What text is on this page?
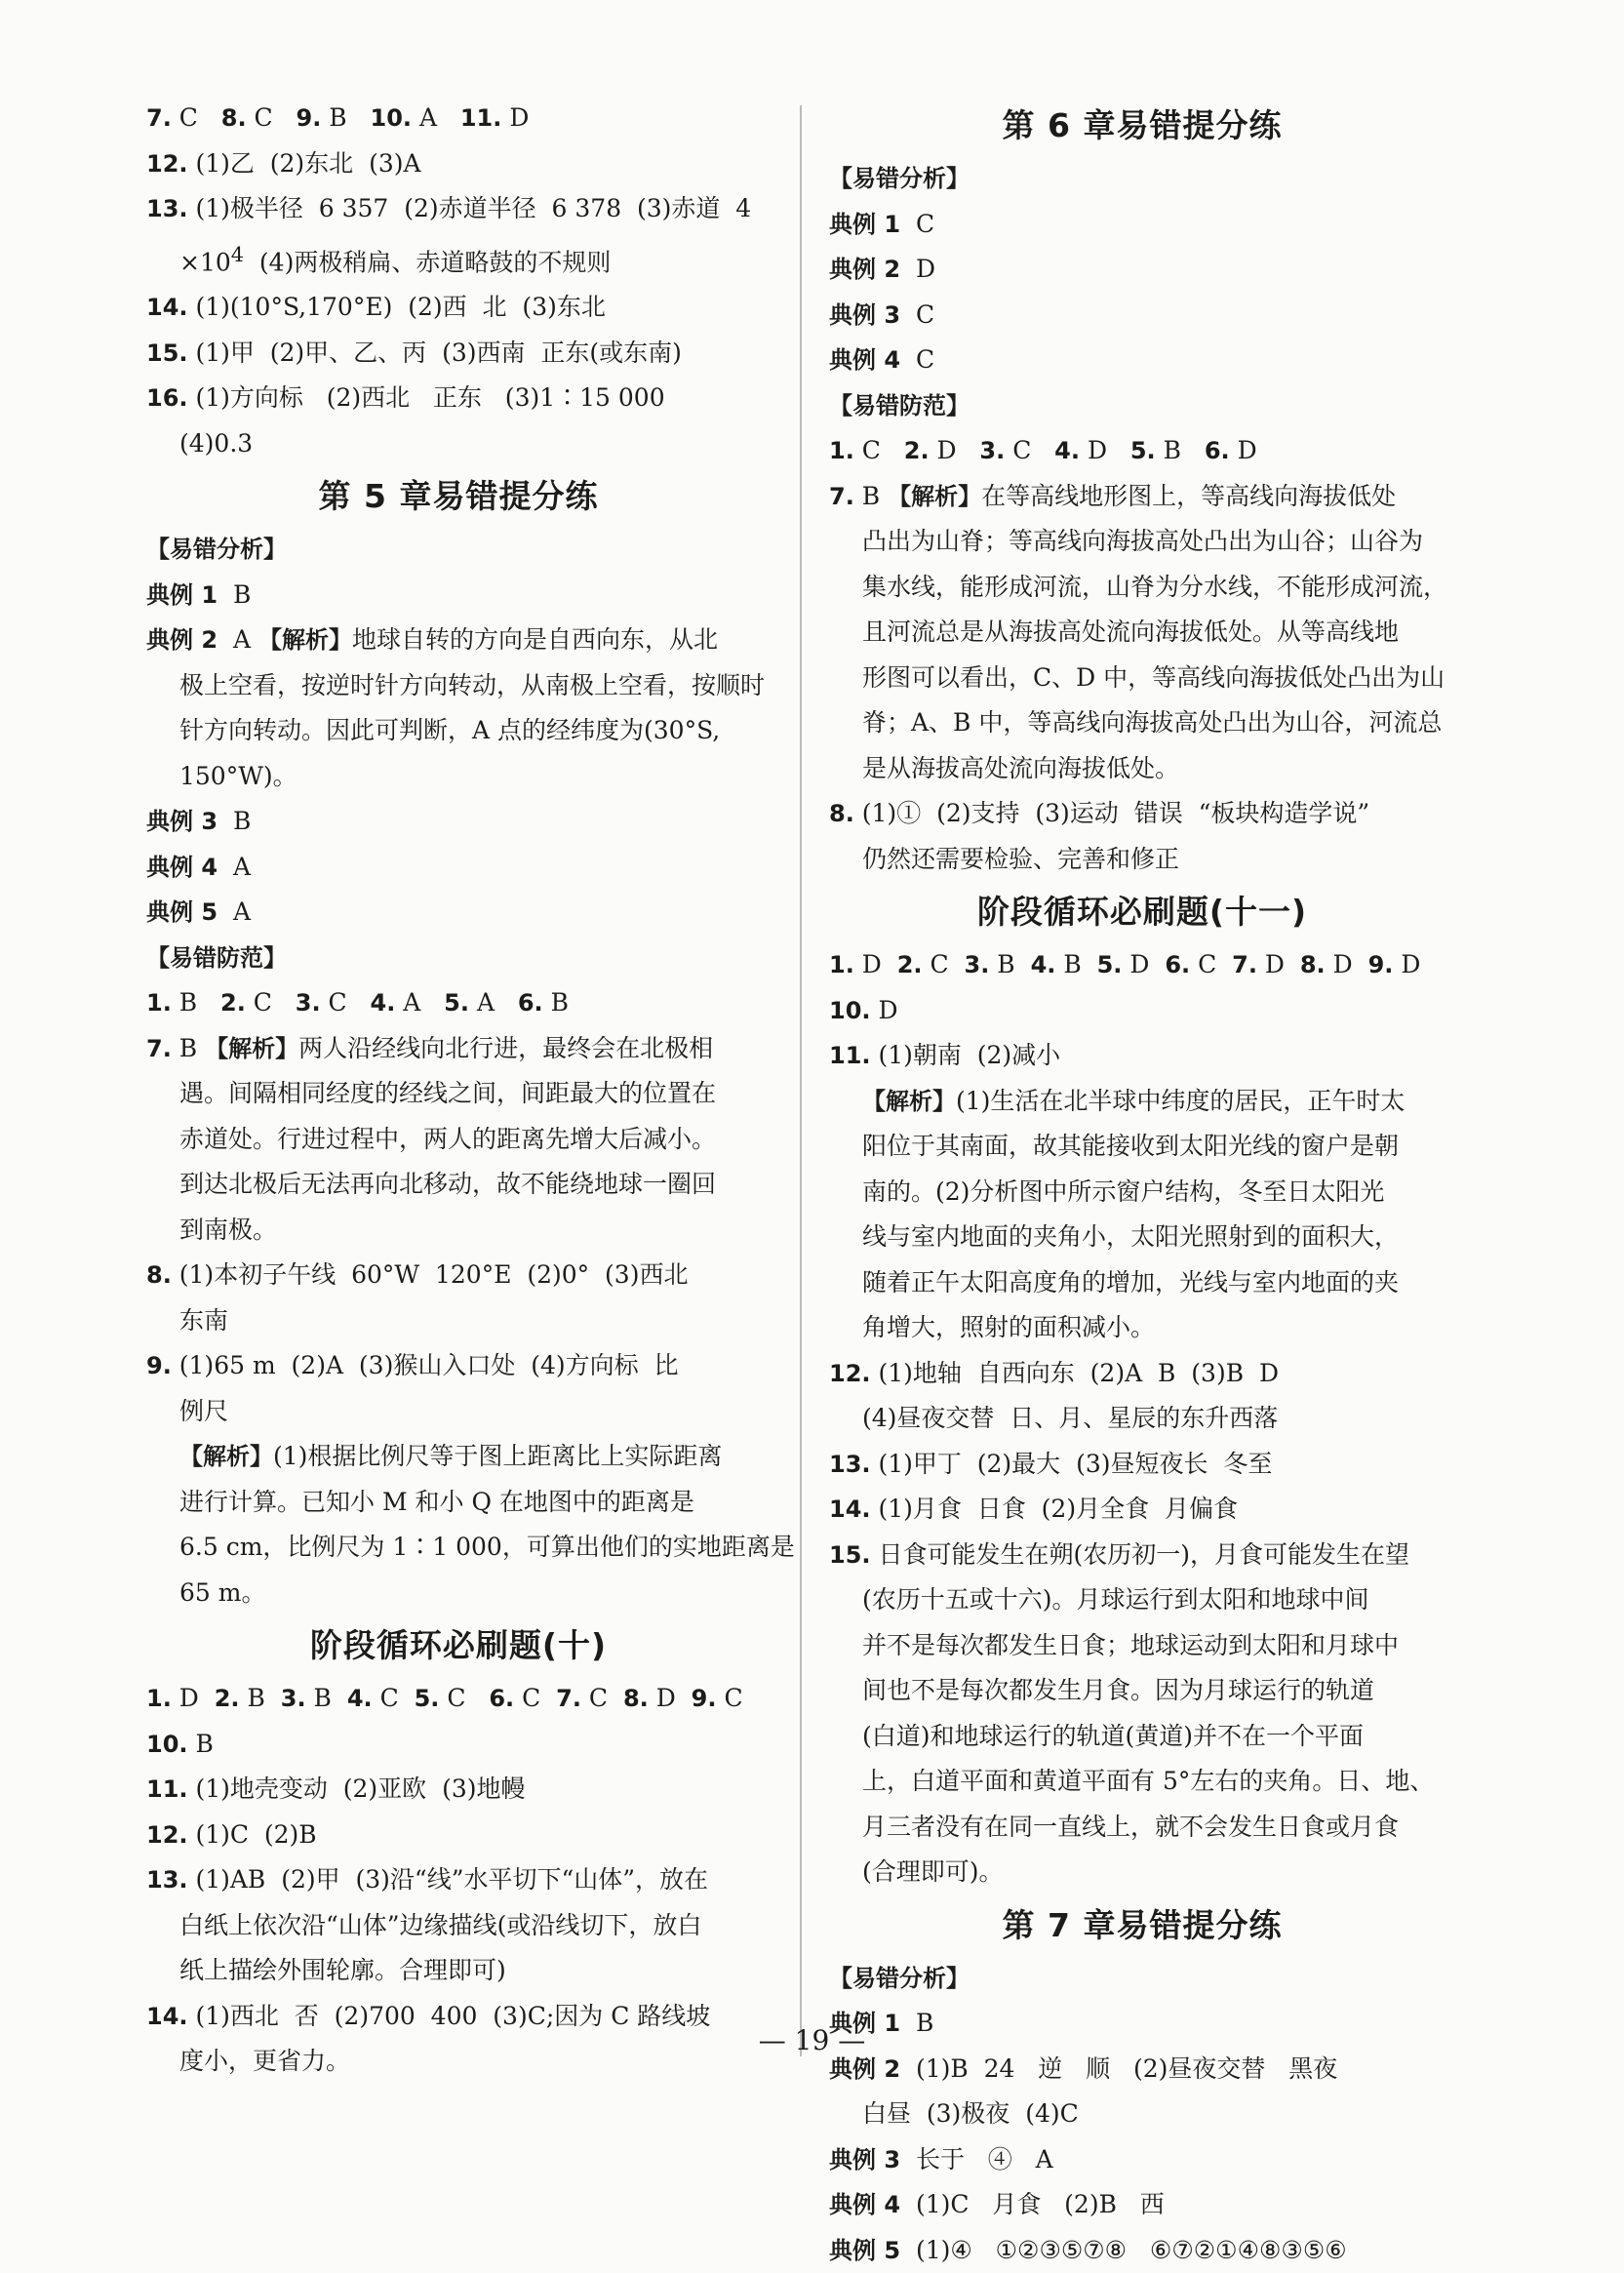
7. C   8. C   9. B   10. A   11. D
12. (1)乙  (2)东北  (3)A
13. (1)极半径  6 357  (2)赤道半径  6 378  (3)赤道  4
$\times 10^4$  (4)两极稍扁、赤道略鼓的不规则
14. (1)(10°S,170°E)  (2)西  北  (3)东北
15. (1)甲  (2)甲、乙、丙  (3)西南  正东(或东南)
16. (1)方向标   (2)西北   正东   (3)1∶15 000
(4)0.3
第 5 章易错提分练
【易错分析】
典例 1  B
典例 2  A 【解析】地球自转的方向是自西向东，从北
极上空看，按逆时针方向转动，从南极上空看，按顺时
针方向转动。因此可判断，A 点的经纬度为(30°S,
150°W)。
典例 3  B
典例 4  A
典例 5  A
【易错防范】
1. B   2. C   3. C   4. A   5. A   6. B
7. B 【解析】两人沿经线向北行进，最终会在北极相
遇。间隔相同经度的经线之间，间距最大的位置在
赤道处。行进过程中，两人的距离先增大后减小。
到达北极后无法再向北移动，故不能绕地球一圈回
到南极。
8. (1)本初子午线  60°W  120°E  (2)0°  (3)西北
东南
9. (1)65 m  (2)A  (3)猴山入口处  (4)方向标  比
例尺
【解析】(1)根据比例尺等于图上距离比上实际距离
进行计算。已知小 M 和小 Q 在地图中的距离是
6.5 cm，比例尺为 1∶1 000，可算出他们的实地距离是
65 m。
阶段循环必刷题(十)
1. D  2. B  3. B  4. C  5. C   6. C  7. C  8. D  9. C
10. B
11. (1)地壳变动  (2)亚欧  (3)地幔
12. (1)C  (2)B
13. (1)AB  (2)甲  (3)沿“线”水平切下“山体”，放在
白纸上依次沿“山体”边缘描线(或沿线切下，放白
纸上描绘外围轮廓。合理即可)
14. (1)西北  否  (2)700  400  (3)C;因为 C 路线坡
度小，更省力。
第 6 章易错提分练
【易错分析】
典例 1  C
典例 2  D
典例 3  C
典例 4  C
【易错防范】
1. C   2. D   3. C   4. D   5. B   6. D
7. B 【解析】在等高线地形图上，等高线向海拔低处
凸出为山脊；等高线向海拔高处凸出为山谷；山谷为
集水线，能形成河流，山脊为分水线，不能形成河流，
且河流总是从海拔高处流向海拔低处。从等高线地
形图可以看出，C、D 中，等高线向海拔低处凸出为山
脊；A、B 中，等高线向海拔高处凸出为山谷，河流总
是从海拔高处流向海拔低处。
8. (1)①  (2)支持  (3)运动  错误  “板块构造学说”
仍然还需要检验、完善和修正
阶段循环必刷题(十一)
1. D  2. C  3. B  4. B  5. D  6. C  7. D  8. D  9. D
10. D
11. (1)朝南  (2)减小
【解析】(1)生活在北半球中纬度的居民，正午时太
阳位于其南面，故其能接收到太阳光线的窗户是朝
南的。(2)分析图中所示窗户结构，冬至日太阳光
线与室内地面的夹角小，太阳光照射到的面积大，
随着正午太阳高度角的增加，光线与室内地面的夹
角增大，照射的面积减小。
12. (1)地轴  自西向东  (2)A  B  (3)B  D
(4)昼夜交替  日、月、星辰的东升西落
13. (1)甲丁  (2)最大  (3)昼短夜长  冬至
14. (1)月食  日食  (2)月全食  月偏食
15. 日食可能发生在朔(农历初一)，月食可能发生在望
(农历十五或十六)。月球运行到太阳和地球中间
并不是每次都发生日食；地球运动到太阳和月球中
间也不是每次都发生月食。因为月球运行的轨道
(白道)和地球运行的轨道(黄道)并不在一个平面
上，白道平面和黄道平面有 5°左右的夹角。日、地、
月三者没有在同一直线上，就不会发生日食或月食
(合理即可)。
第 7 章易错提分练
【易错分析】
典例 1  B
典例 2  (1)B  24   逆   顺   (2)昼夜交替   黑夜
白昼  (3)极夜  (4)C
典例 3  长于   ④   A
典例 4  (1)C   月食   (2)B   西
典例 5  (1)④   ①②③⑤⑦⑧   ⑥⑦②①④⑧③⑤⑥
— 19 —
